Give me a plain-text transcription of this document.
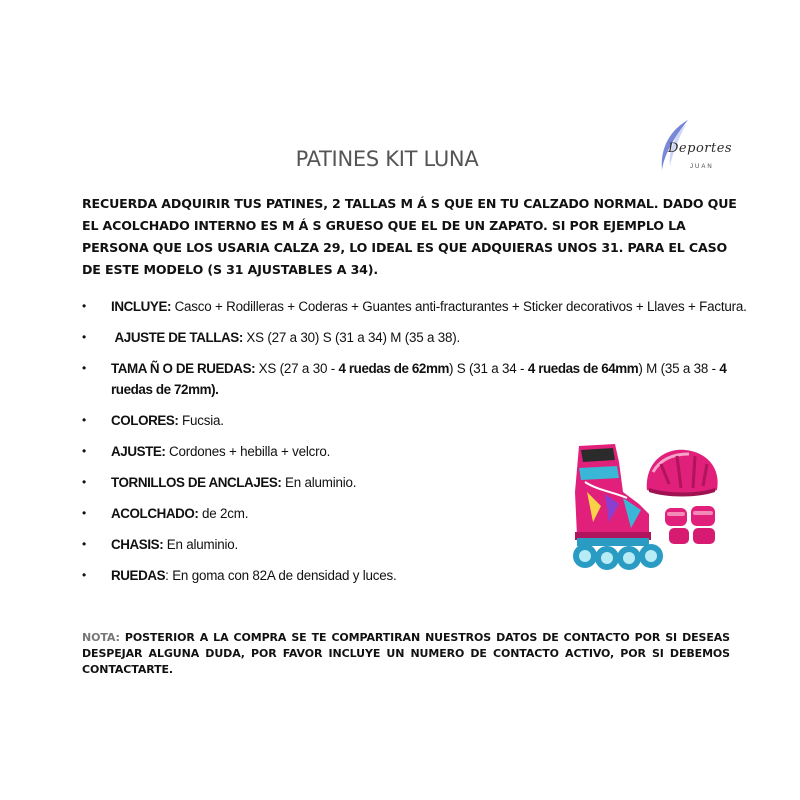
Deportes
JUAN
PATINES KIT LUNA
RECUERDA ADQUIRIR TUS PATINES, 2 TALLAS M Á S QUE EN TU CALZADO NORMAL. DADO QUE EL ACOLCHADO INTERNO ES M Á S GRUESO QUE EL DE UN ZAPATO. SI POR EJEMPLO LA PERSONA QUE LOS USARIA CALZA 29, LO IDEAL ES QUE ADQUIERAS UNOS 31. PARA EL CASO DE ESTE MODELO (S 31 AJUSTABLES A 34).
• INCLUYE: Casco + Rodilleras + Coderas + Guantes anti-fracturantes + Sticker decorativos + Llaves + Factura.
• AJUSTE DE TALLAS: XS (27 a 30) S (31 a 34) M (35 a 38).
• TAMA Ñ O DE RUEDAS: XS (27 a 30 - 4 ruedas de 62mm) S (31 a 34 - 4 ruedas de 64mm) M (35 a 38 - 4 ruedas de 72mm).
• COLORES: Fucsia.
• AJUSTE: Cordones + hebilla + velcro.
• TORNILLOS DE ANCLAJES: En aluminio.
• ACOLCHADO: de 2cm.
• CHASIS: En aluminio.
• RUEDAS: En goma con 82A de densidad y luces.
NOTA: POSTERIOR A LA COMPRA SE TE COMPARTIRAN NUESTROS DATOS DE CONTACTO POR SI DESEAS DESPEJAR ALGUNA DUDA, POR FAVOR INCLUYE UN NUMERO DE CONTACTO ACTIVO, POR SI DEBEMOS CONTACTARTE.
